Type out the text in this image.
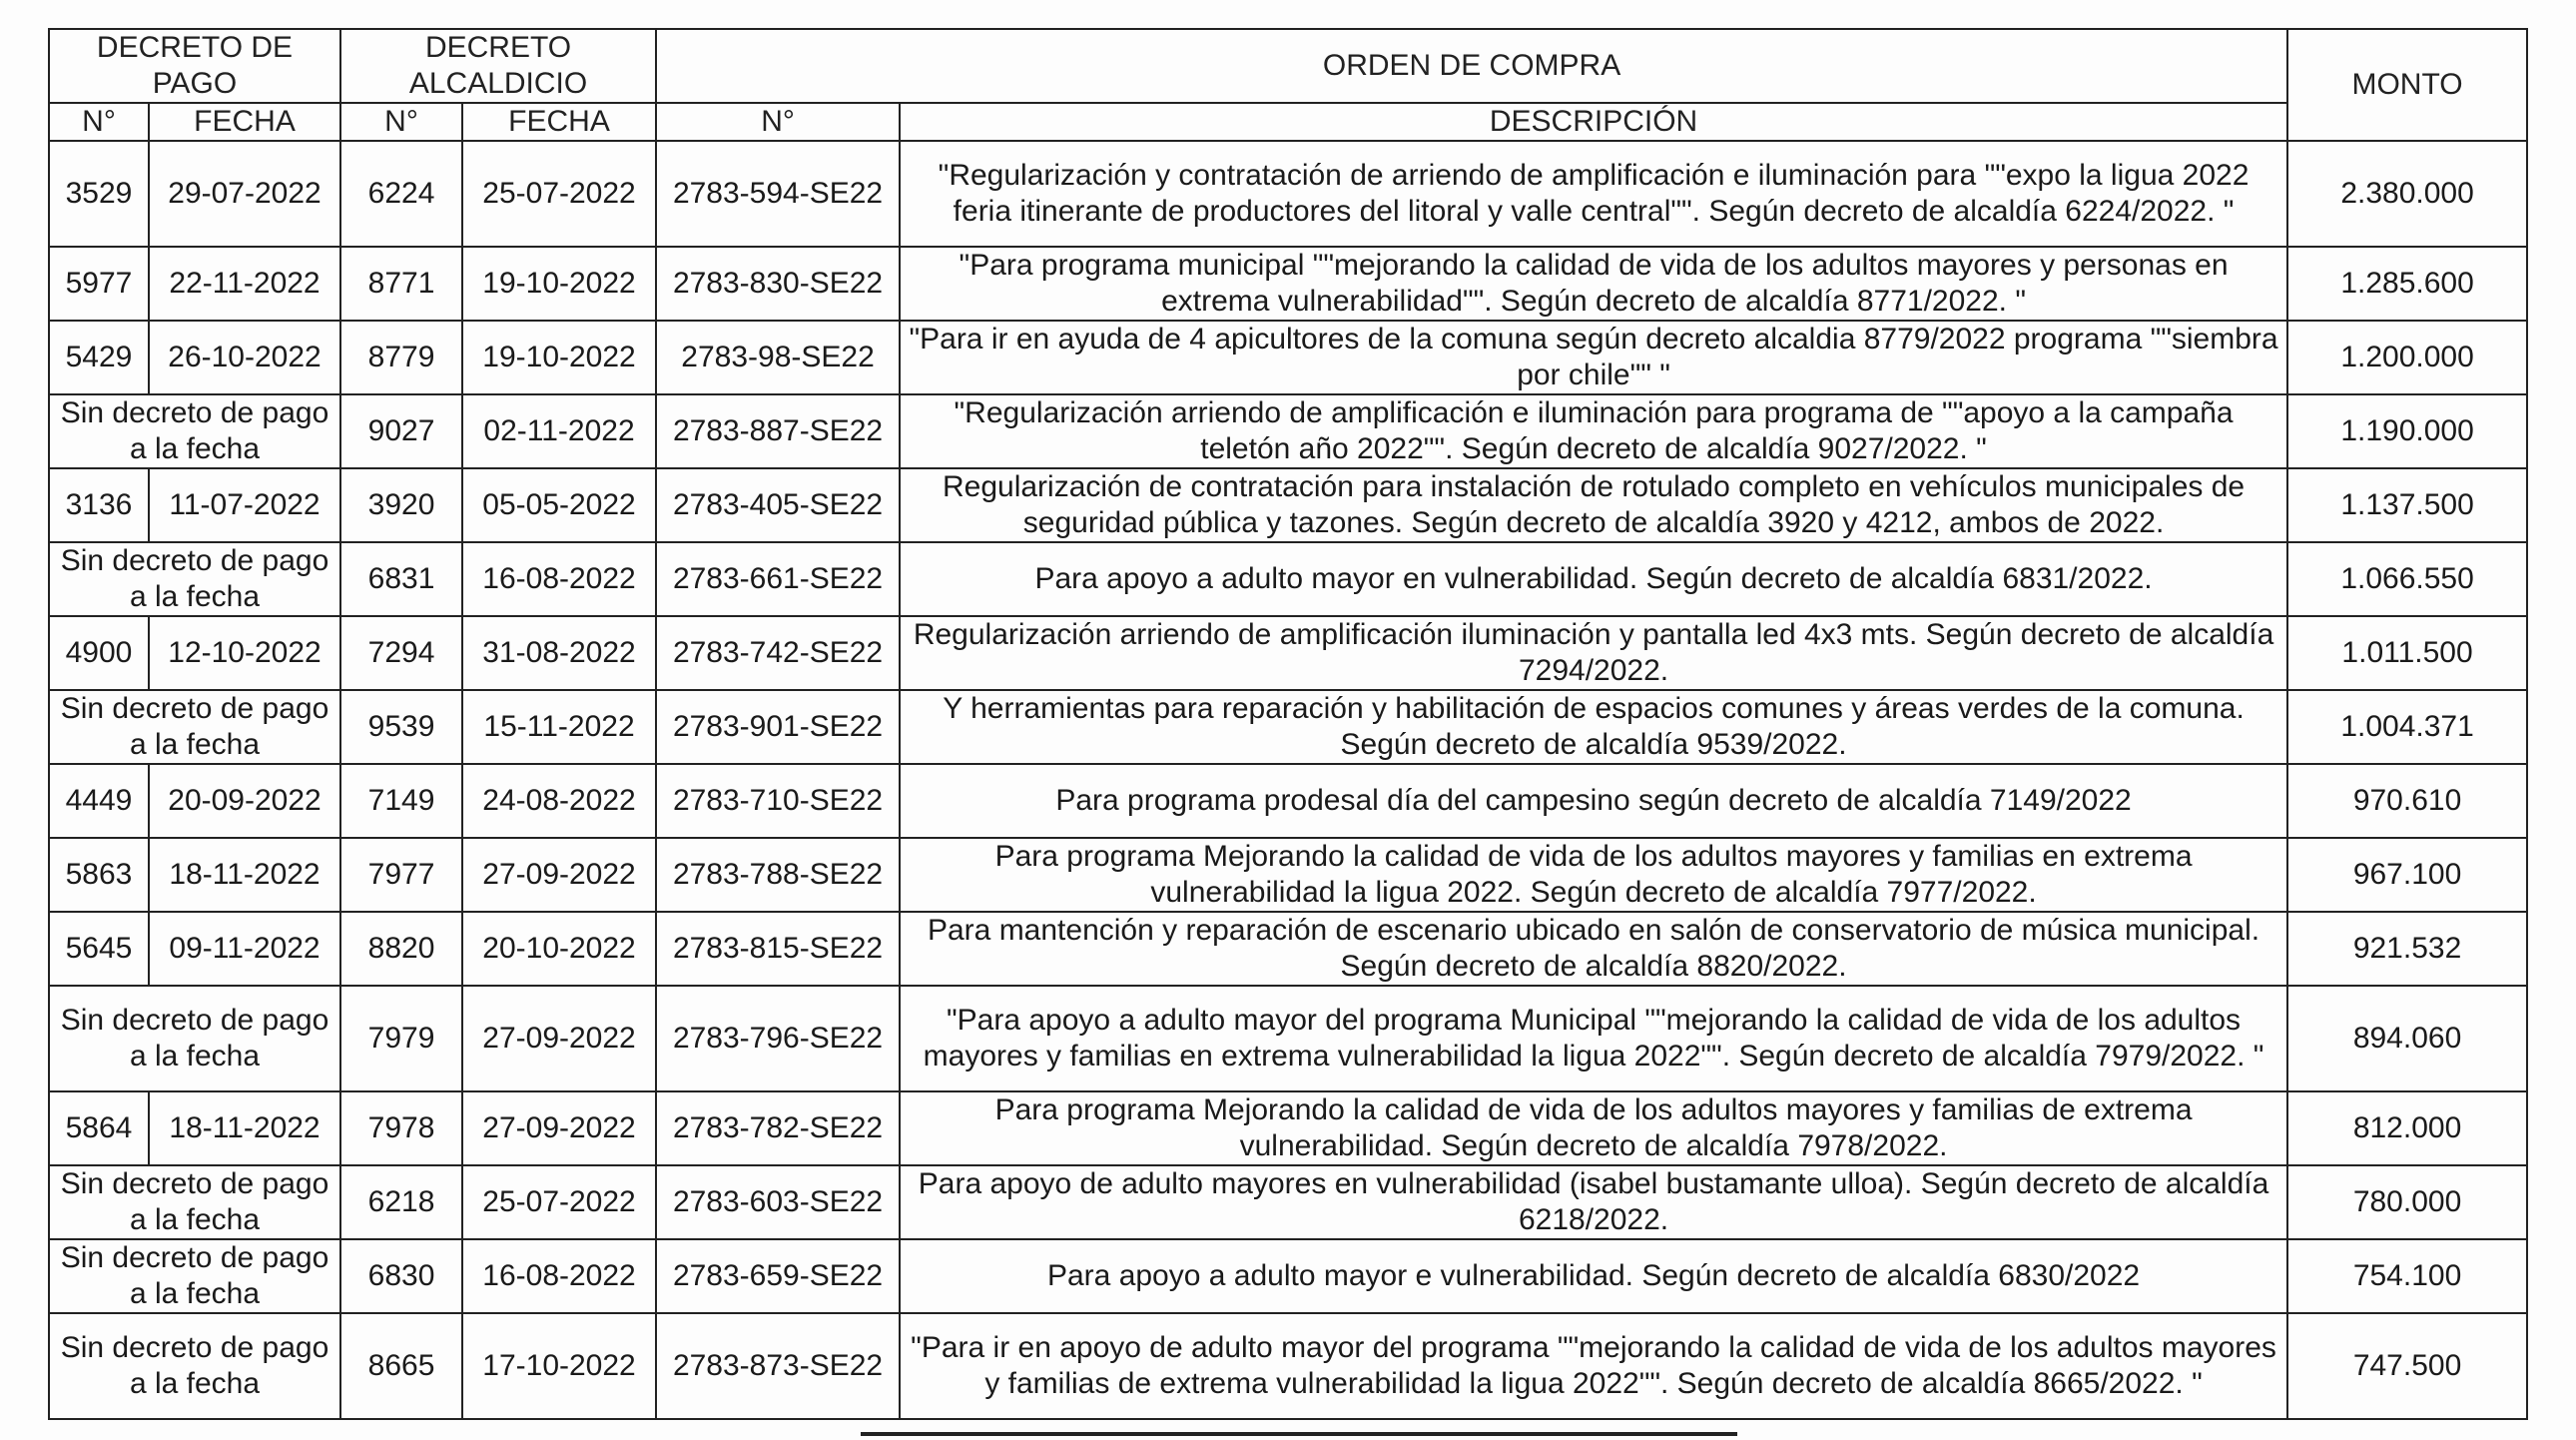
DECRETO DE PAGO		DECRETO ALCALDICIO		ORDEN DE COMPRA		MONTO
N°	FECHA	N°	FECHA	N°	DESCRIPCIÓN	
3529	29-07-2022	6224	25-07-2022	2783-594-SE22	"Regularización y contratación de arriendo de amplificación e iluminación para ""expo la ligua 2022 feria itinerante de productores del litoral y valle central"". Según decreto de alcaldía 6224/2022. "	2.380.000
5977	22-11-2022	8771	19-10-2022	2783-830-SE22	"Para programa municipal ""mejorando la calidad de vida de los adultos mayores y personas en extrema vulnerabilidad"". Según decreto de alcaldía 8771/2022. "	1.285.600
5429	26-10-2022	8779	19-10-2022	2783-98-SE22	"Para ir en ayuda de 4 apicultores de la comuna según decreto alcaldia 8779/2022 programa ""siembra por chile"" "	1.200.000
Sin decreto de pago a la fecha		9027	02-11-2022	2783-887-SE22	"Regularización arriendo de amplificación e iluminación para programa de ""apoyo a la campaña teletón año 2022"". Según decreto de alcaldía 9027/2022. "	1.190.000
3136	11-07-2022	3920	05-05-2022	2783-405-SE22	Regularización de contratación para instalación de rotulado completo en vehículos municipales de seguridad pública y tazones. Según decreto de alcaldía 3920 y 4212, ambos de 2022.	1.137.500
Sin decreto de pago a la fecha		6831	16-08-2022	2783-661-SE22	Para apoyo a adulto mayor en vulnerabilidad. Según decreto de alcaldía 6831/2022.	1.066.550
4900	12-10-2022	7294	31-08-2022	2783-742-SE22	Regularización arriendo de amplificación iluminación y pantalla led 4x3 mts. Según decreto de alcaldía 7294/2022.	1.011.500
Sin decreto de pago a la fecha		9539	15-11-2022	2783-901-SE22	Y herramientas para reparación y habilitación de espacios comunes y áreas verdes de la comuna. Según decreto de alcaldía 9539/2022.	1.004.371
4449	20-09-2022	7149	24-08-2022	2783-710-SE22	Para programa prodesal día del campesino según decreto de alcaldía 7149/2022	970.610
5863	18-11-2022	7977	27-09-2022	2783-788-SE22	Para programa Mejorando la calidad de vida de los adultos mayores y familias en extrema vulnerabilidad la ligua 2022. Según decreto de alcaldía 7977/2022.	967.100
5645	09-11-2022	8820	20-10-2022	2783-815-SE22	Para mantención y reparación de escenario ubicado en salón de conservatorio de música municipal. Según decreto de alcaldía 8820/2022.	921.532
Sin decreto de pago a la fecha		7979	27-09-2022	2783-796-SE22	"Para apoyo a adulto mayor del programa Municipal ""mejorando la calidad de vida de los adultos mayores y familias en extrema vulnerabilidad la ligua 2022"". Según decreto de alcaldía 7979/2022. "	894.060
5864	18-11-2022	7978	27-09-2022	2783-782-SE22	Para programa Mejorando la calidad de vida de los adultos mayores y familias de extrema vulnerabilidad. Según decreto de alcaldía 7978/2022.	812.000
Sin decreto de pago a la fecha		6218	25-07-2022	2783-603-SE22	Para apoyo de adulto mayores en vulnerabilidad (isabel bustamante ulloa). Según decreto de alcaldía 6218/2022.	780.000
Sin decreto de pago a la fecha		6830	16-08-2022	2783-659-SE22	Para apoyo a adulto mayor e vulnerabilidad. Según decreto de alcaldía 6830/2022	754.100
Sin decreto de pago a la fecha		8665	17-10-2022	2783-873-SE22	"Para ir en apoyo de adulto mayor del programa ""mejorando la calidad de vida de los adultos mayores y familias de extrema vulnerabilidad la ligua 2022"". Según decreto de alcaldía 8665/2022. "	747.500
